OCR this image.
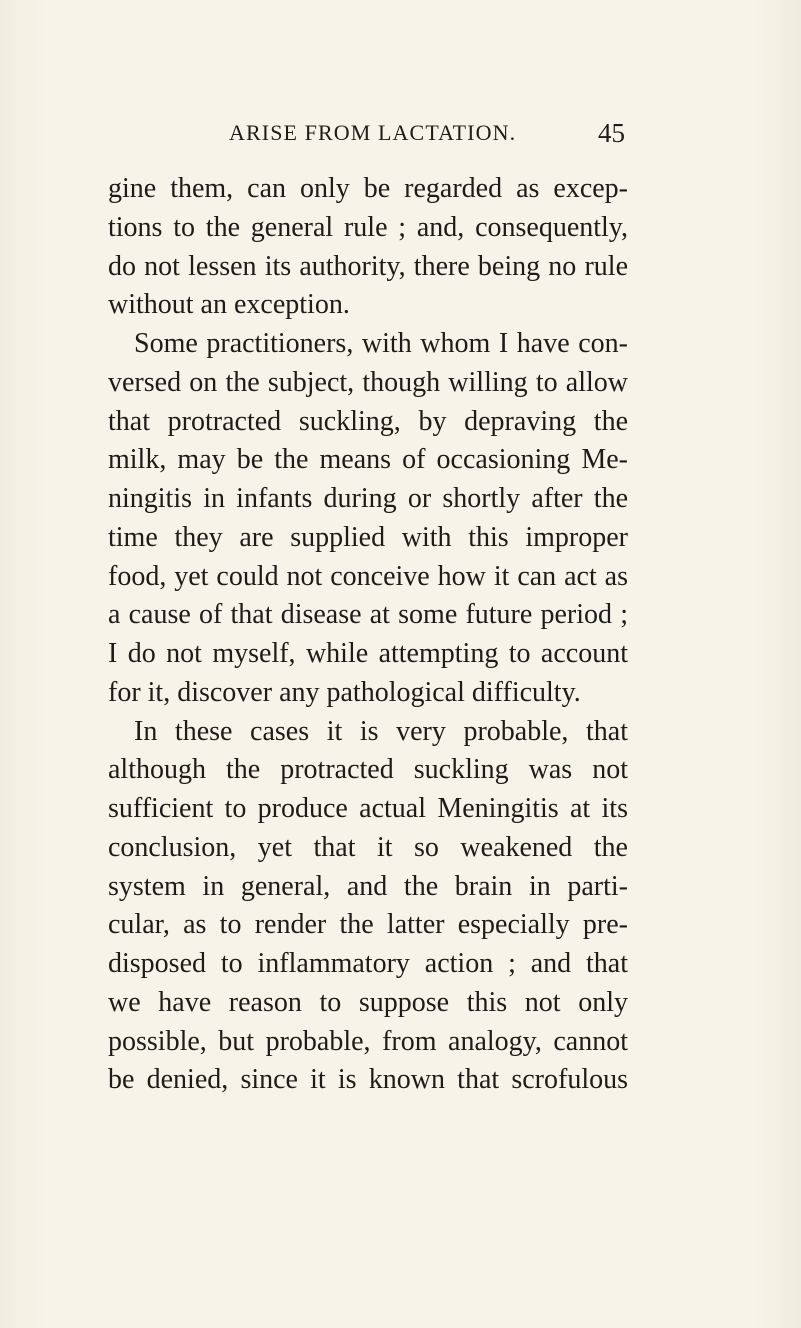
ARISE FROM LACTATION.	45
gine them, can only be regarded as excep-
tions to the general rule ; and, consequently,
do not lessen its authority, there being no rule
without an exception.
Some practitioners, with whom I have con-
versed on the subject, though willing to allow
that protracted suckling, by depraving the
milk, may be the means of occasioning Me-
ningitis in infants during or shortly after the
time they are supplied with this improper
food, yet could not conceive how it can act as
a cause of that disease at some future period ;
I do not myself, while attempting to account
for it, discover any pathological difficulty.
In these cases it is very probable, that
although the protracted suckling was not
sufficient to produce actual Meningitis at its
conclusion, yet that it so weakened the
system in general, and the brain in parti-
cular, as to render the latter especially pre-
disposed to inflammatory action ; and that
we have reason to suppose this not only
possible, but probable, from analogy, cannot
be denied, since it is known that scrofulous
